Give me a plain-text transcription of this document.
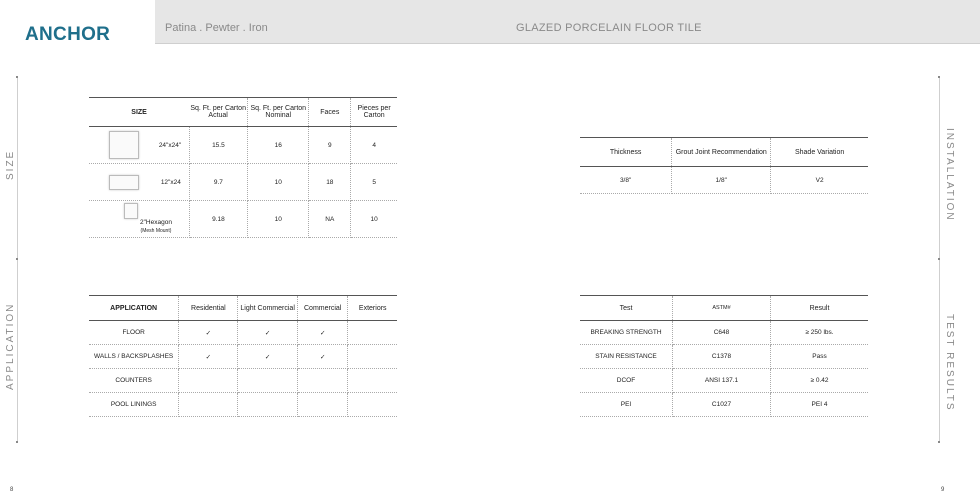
ANCHOR	Patina . Pewter . Iron	GLAZED PORCELAIN FLOOR TILE
SIZE
APPLICATION
INSTALLATION
TEST RESULTS
SIZE	Sq. Ft. per Carton Actual	Sq. Ft. per Carton Nominal	Faces	Pieces per Carton
24"x24"	15.5	16	9	4
12"x24	9.7	10	18	5
2"Hexagon
(Mesh Mount)	9.18	10	NA	10
Thickness	Grout Joint Recommendation	Shade Variation
3/8"	1/8"	V2
APPLICATION	Residential	Light Commercial	Commercial	Exteriors
FLOOR	✓	✓	✓	
WALLS / BACKSPLASHES	✓	✓	✓	
COUNTERS				
POOL LININGS				
Test	ASTM#	Result
BREAKING STRENGTH	C648	≥ 250 lbs.
STAIN RESISTANCE	C1378	Pass
DCOF	ANSI 137.1	≥ 0.42
PEI	C1027	PEI 4
8	9
